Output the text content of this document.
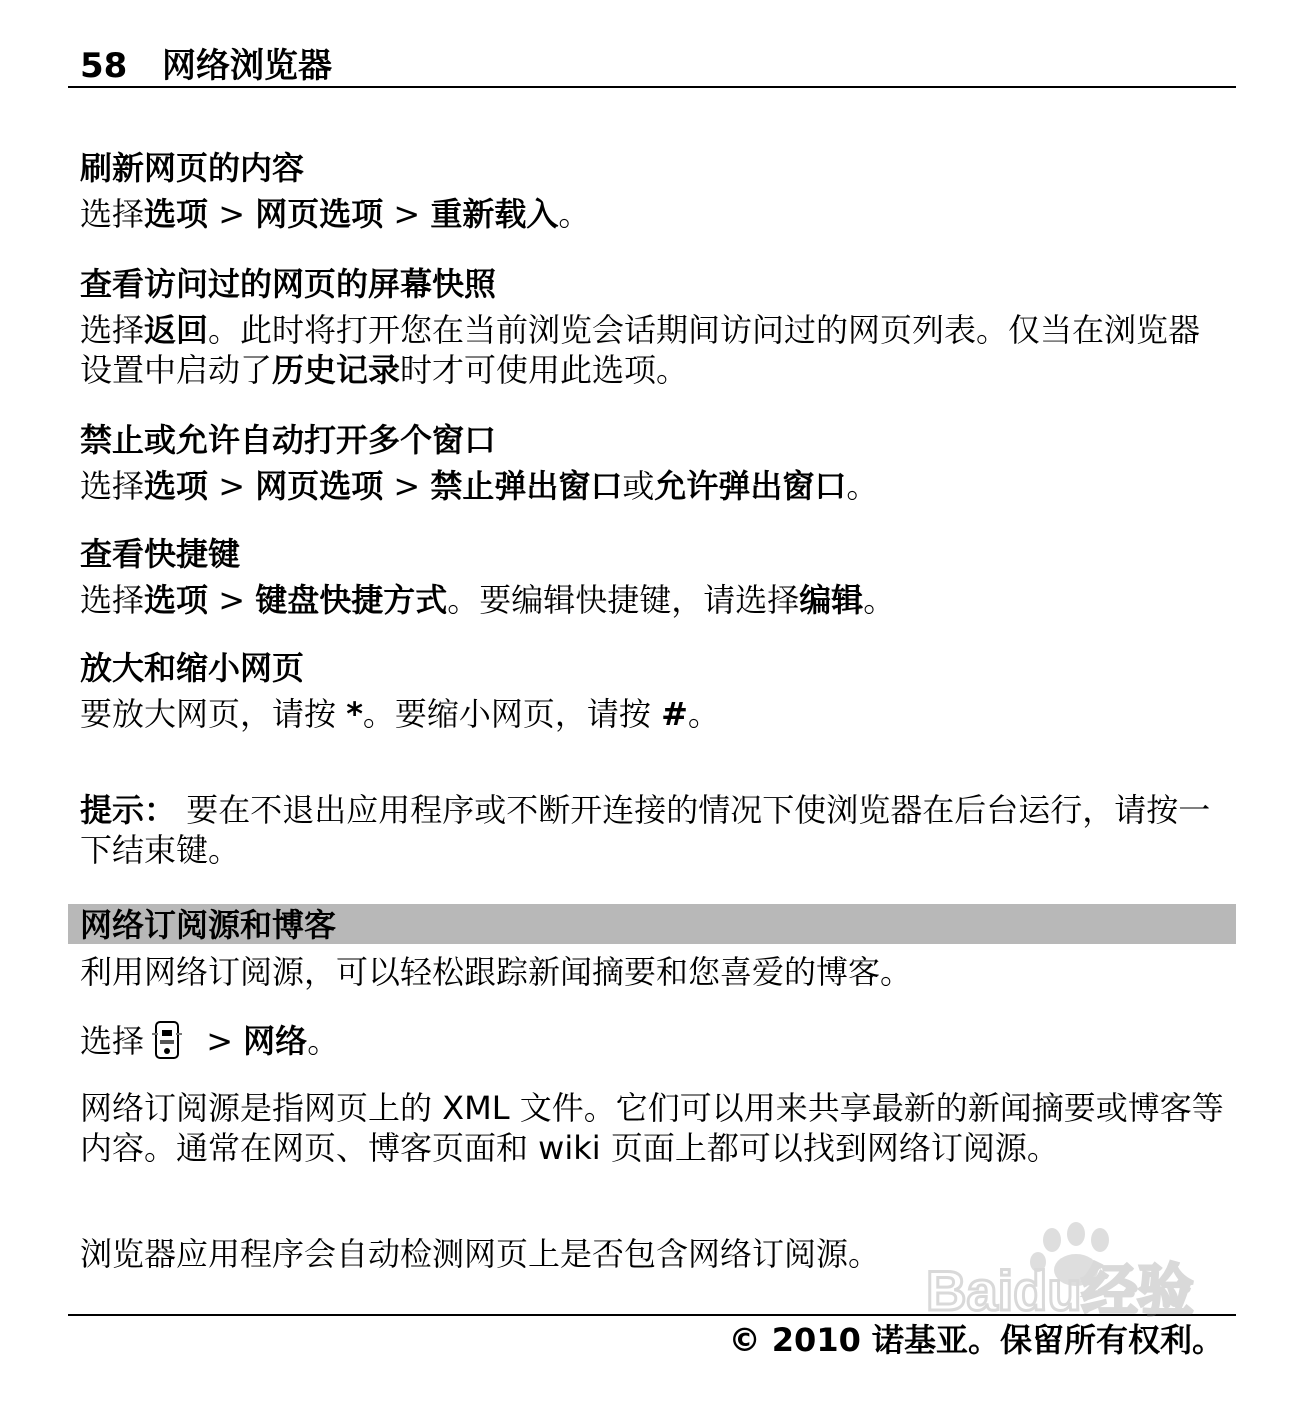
58 网络浏览器
刷新网页的内容
选择选项 > 网页选项 > 重新载入。
查看访问过的网页的屏幕快照
选择返回。此时将打开您在当前浏览会话期间访问过的网页列表。仅当在浏览器设置中启动了历史记录时才可使用此选项。
禁止或允许自动打开多个窗口
选择选项 > 网页选项 > 禁止弹出窗口或允许弹出窗口。
查看快捷键
选择选项 > 键盘快捷方式。要编辑快捷键，请选择编辑。
放大和缩小网页
要放大网页，请按 *。要缩小网页，请按 #。
提示： 要在不退出应用程序或不断开连接的情况下使浏览器在后台运行，请按一下结束键。
网络订阅源和博客
利用网络订阅源，可以轻松跟踪新闻摘要和您喜爱的博客。
选择 > 网络。
网络订阅源是指网页上的 XML 文件。它们可以用来共享最新的新闻摘要或博客等内容。通常在网页、博客页面和 wiki 页面上都可以找到网络订阅源。
浏览器应用程序会自动检测网页上是否包含网络订阅源。
© 2010 诺基亚。保留所有权利。
Baidu经验
